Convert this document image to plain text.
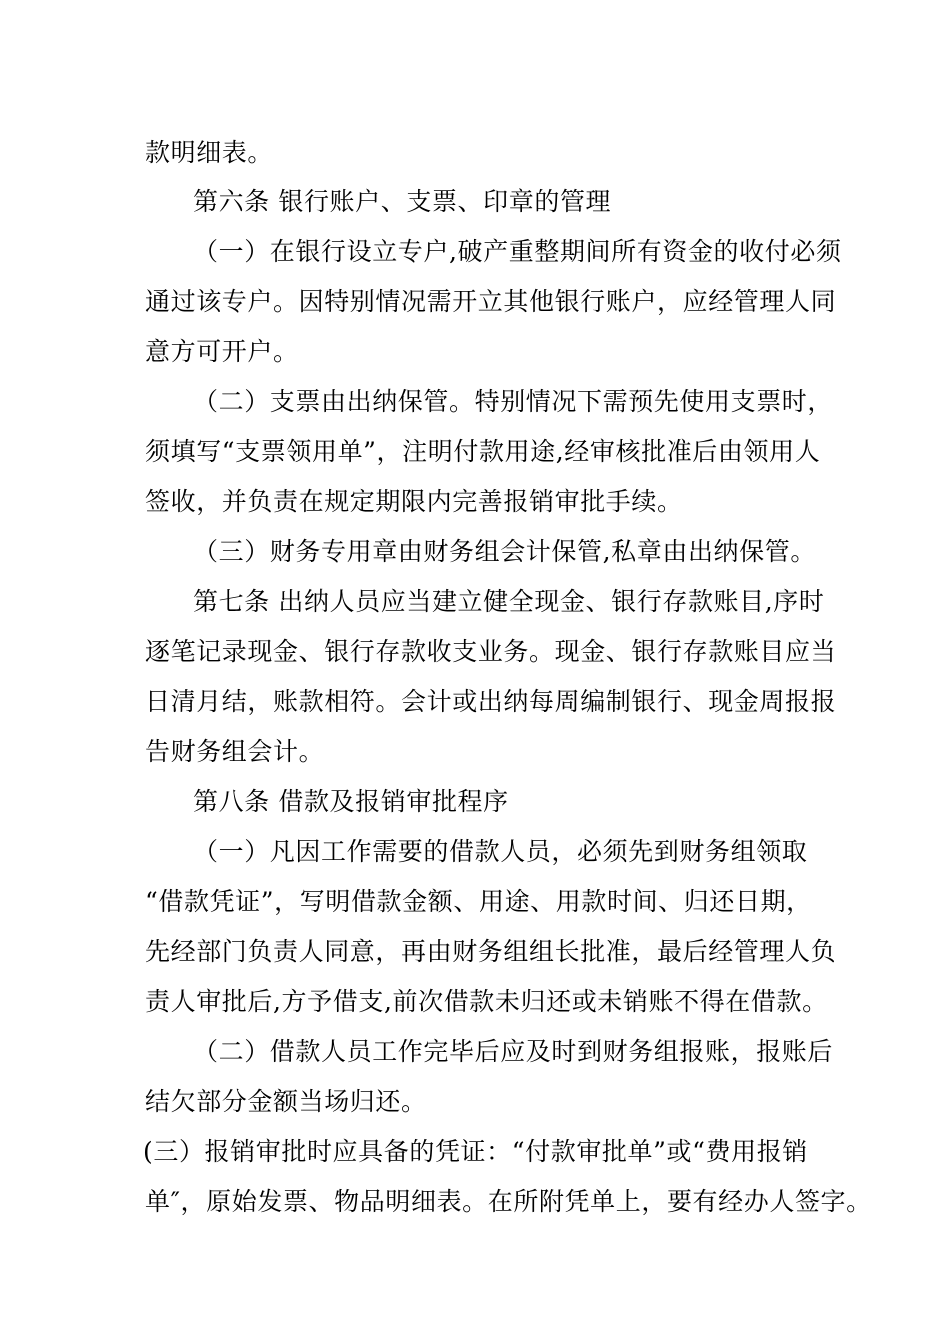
款明细表。
第六条 银行账户、支票、印章的管理
（一）在银行设立专户,破产重整期间所有资金的收付必须
通过该专户。因特别情况需开立其他银行账户，应经管理人同
意方可开户。
（二）支票由出纳保管。特别情况下需预先使用支票时，
须填写“支票领用单”，注明付款用途,经审核批准后由领用人
签收，并负责在规定期限内完善报销审批手续。
（三）财务专用章由财务组会计保管,私章由出纳保管。
第七条 出纳人员应当建立健全现金、银行存款账目,序时
逐笔记录现金、银行存款收支业务。现金、银行存款账目应当
日清月结，账款相符。会计或出纳每周编制银行、现金周报报
告财务组会计。
第八条 借款及报销审批程序
（一）凡因工作需要的借款人员，必须先到财务组领取
“借款凭证”，写明借款金额、用途、用款时间、归还日期，
先经部门负责人同意，再由财务组组长批准，最后经管理人负
责人审批后,方予借支,前次借款未归还或未销账不得在借款。
（二）借款人员工作完毕后应及时到财务组报账，报账后
结欠部分金额当场归还。
(三）报销审批时应具备的凭证：“付款审批单”或“费用报销
单″，原始发票、物品明细表。在所附凭单上，要有经办人签字。
